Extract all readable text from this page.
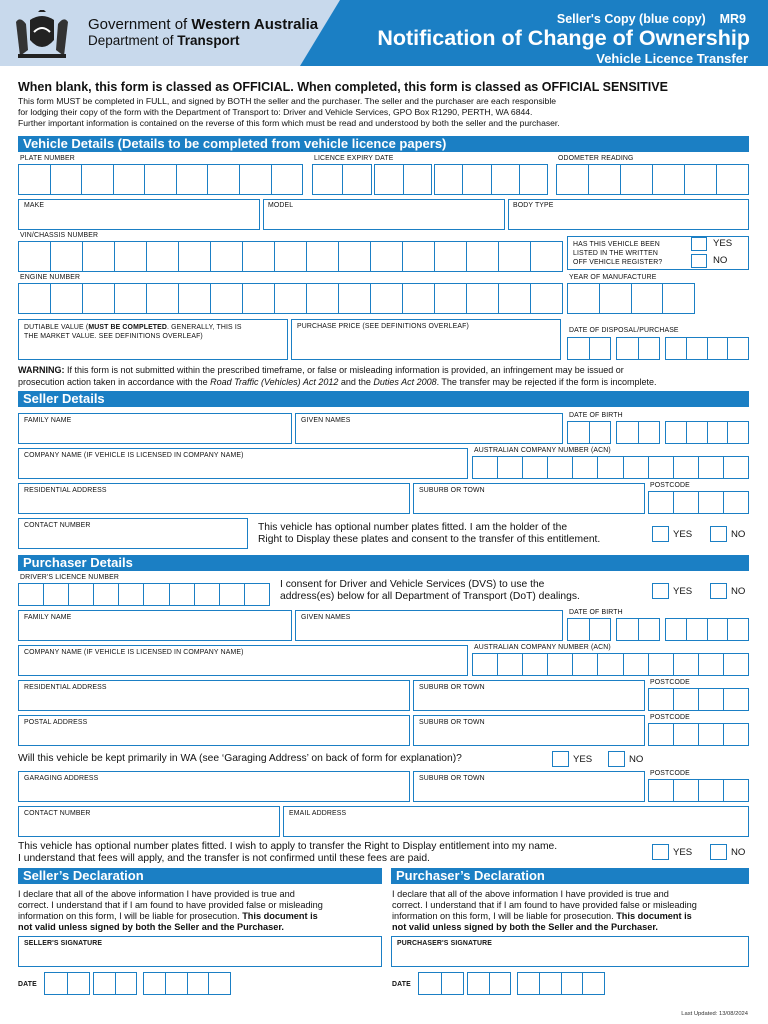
Government of Western Australia
Department of Transport
Seller's Copy (blue copy)    MR9
Notification of Change of Ownership
Vehicle Licence Transfer
When blank, this form is classed as OFFICIAL. When completed, this form is classed as OFFICIAL SENSITIVE
This form MUST be completed in FULL, and signed by BOTH the seller and the purchaser. The seller and the purchaser are each responsible
for lodging their copy of the form with the Department of Transport to: Driver and Vehicle Services, GPO Box R1290, PERTH, WA 6844.
Further important information is contained on the reverse of this form which must be read and understood by both the seller and the purchaser.
Vehicle Details (Details to be completed from vehicle licence papers)
PLATE NUMBER	LICENCE EXPIRY DATE	ODOMETER READING
MAKE	MODEL	BODY TYPE
VIN/CHASSIS NUMBER
HAS THIS VEHICLE BEEN
LISTED IN THE WRITTEN
OFF VEHICLE REGISTER?
YES
NO
ENGINE NUMBER	YEAR OF MANUFACTURE
DUTIABLE VALUE (MUST BE COMPLETED. GENERALLY, THIS IS
THE MARKET VALUE. SEE DEFINITIONS OVERLEAF)
PURCHASE PRICE (SEE DEFINITIONS OVERLEAF)
DATE OF DISPOSAL/PURCHASE
WARNING: If this form is not submitted within the prescribed timeframe, or false or misleading information is provided, an infringement may be issued or
prosecution action taken in accordance with the Road Traffic (Vehicles) Act 2012 and the Duties Act 2008. The transfer may be rejected if the form is incomplete.
Seller Details
FAMILY NAME	GIVEN NAMES
DATE OF BIRTH
COMPANY NAME (IF VEHICLE IS LICENSED IN COMPANY NAME)
AUSTRALIAN COMPANY NUMBER (ACN)
RESIDENTIAL ADDRESS	SUBURB OR TOWN
POSTCODE
CONTACT NUMBER	This vehicle has optional number plates fitted. I am the holder of the
Right to Display these plates and consent to the transfer of this entitlement.	YES	NO
Purchaser Details
DRIVER'S LICENCE NUMBER
I consent for Driver and Vehicle Services (DVS) to use the
address(es) below for all Department of Transport (DoT) dealings.	YES	NO
FAMILY NAME	GIVEN NAMES
DATE OF BIRTH
COMPANY NAME (IF VEHICLE IS LICENSED IN COMPANY NAME)
AUSTRALIAN COMPANY NUMBER (ACN)
RESIDENTIAL ADDRESS	SUBURB OR TOWN
POSTCODE
POSTAL ADDRESS	SUBURB OR TOWN
POSTCODE
Will this vehicle be kept primarily in WA (see ‘Garaging Address’ on back of form for explanation)?	YES	NO
GARAGING ADDRESS	SUBURB OR TOWN
POSTCODE
CONTACT NUMBER	EMAIL ADDRESS
This vehicle has optional number plates fitted. I wish to apply to transfer the Right to Display entitlement into my name.
I understand that fees will apply, and the transfer is not confirmed until these fees are paid.	YES	NO
Seller’s Declaration	Purchaser’s Declaration
I declare that all of the above information I have provided is true and
correct. I understand that if I am found to have provided false or misleading
information on this form, I will be liable for prosecution. This document is
not valid unless signed by both the Seller and the Purchaser.
I declare that all of the above information I have provided is true and
correct. I understand that if I am found to have provided false or misleading
information on this form, I will be liable for prosecution. This document is
not valid unless signed by both the Seller and the Purchaser.
SELLER'S SIGNATURE	PURCHASER'S SIGNATURE
DATE	DATE
Last Updated: 13/08/2024
